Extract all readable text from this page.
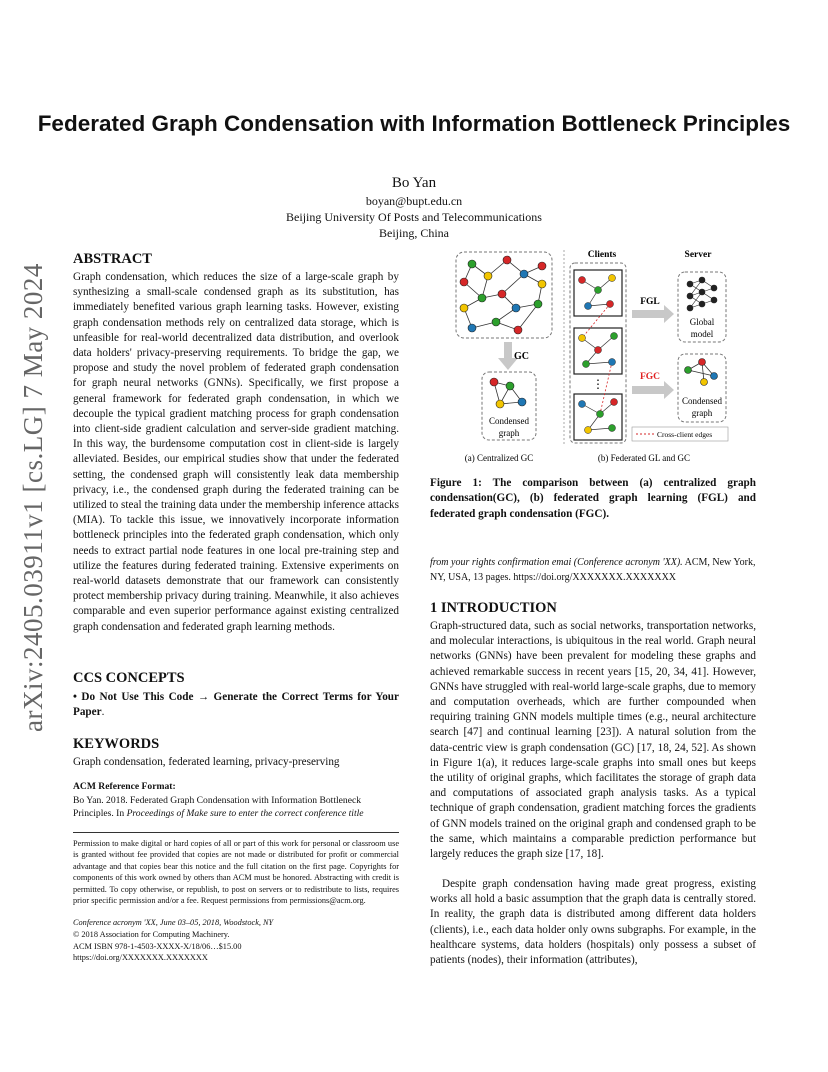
arXiv:2405.03911v1 [cs.LG] 7 May 2024
Federated Graph Condensation with Information Bottleneck Principles
Bo Yan
boyan@bupt.edu.cn
Beijing University Of Posts and Telecommunications
Beijing, China
ABSTRACT
Graph condensation, which reduces the size of a large-scale graph by synthesizing a small-scale condensed graph as its substitution, has immediately benefited various graph learning tasks. However, existing graph condensation methods rely on centralized data storage, which is unfeasible for real-world decentralized data distribution, and overlook data holders' privacy-preserving requirements. To bridge the gap, we propose and study the novel problem of federated graph condensation for graph neural networks (GNNs). Specifically, we first propose a general framework for federated graph condensation, in which we decouple the typical gradient matching process for graph condensation into client-side gradient calculation and server-side gradient matching. In this way, the burdensome computation cost in client-side is largely alleviated. Besides, our empirical studies show that under the federated setting, the condensed graph will consistently leak data membership privacy, i.e., the condensed graph during the federated training can be utilized to steal the training data under the membership inference attacks (MIA). To tackle this issue, we innovatively incorporate information bottleneck principles into the federated graph condensation, which only needs to extract partial node features in one local pre-training step and utilize the features during federated training. Extensive experiments on real-world datasets demonstrate that our framework can consistently protect membership privacy during training. Meanwhile, it also achieves comparable and even superior performance against existing centralized graph condensation and federated graph learning methods.
CCS CONCEPTS
• Do Not Use This Code → Generate the Correct Terms for Your Paper.
KEYWORDS
Graph condensation, federated learning, privacy-preserving
ACM Reference Format:
Bo Yan. 2018. Federated Graph Condensation with Information Bottleneck Principles. In Proceedings of Make sure to enter the correct conference title
Permission to make digital or hard copies of all or part of this work for personal or classroom use is granted without fee provided that copies are not made or distributed for profit or commercial advantage and that copies bear this notice and the full citation on the first page. Copyrights for components of this work owned by others than ACM must be honored. Abstracting with credit is permitted. To copy otherwise, or republish, to post on servers or to redistribute to lists, requires prior specific permission and/or a fee. Request permissions from permissions@acm.org.
Conference acronym 'XX, June 03–05, 2018, Woodstock, NY
© 2018 Association for Computing Machinery.
ACM ISBN 978-1-4503-XXXX-X/18/06…$15.00
https://doi.org/XXXXXXX.XXXXXXX
GC
Condensed
graph
(a) Centralized GC
Clients	Server
⋮
FGL
FGC
Global
model
Condensed
graph
Cross-client edges
(b) Federated GL and GC
Figure 1: The comparison between (a) centralized graph condensation(GC), (b) federated graph learning (FGL) and federated graph condensation (FGC).
from your rights confirmation emai (Conference acronym 'XX). ACM, New York, NY, USA, 13 pages. https://doi.org/XXXXXXX.XXXXXXX
1 INTRODUCTION
Graph-structured data, such as social networks, transportation networks, and molecular interactions, is ubiquitous in the real world. Graph neural networks (GNNs) have been prevalent for modeling these graphs and achieved remarkable success in recent years [15, 20, 34, 41]. However, GNNs have struggled with real-world large-scale graphs, due to memory and computation overheads, which are further compounded when requiring training GNN models multiple times (e.g., neural architecture search [47] and continual learning [23]). A natural solution from the data-centric view is graph condensation (GC) [17, 18, 24, 52]. As shown in Figure 1(a), it reduces large-scale graphs into small ones but keeps the utility of original graphs, which facilitates the storage of graph data and computations of associated graph analysis tasks. As a typical technique of graph condensation, gradient matching forces the gradients of GNN models trained on the original graph and condensed graph to be the same, which maintains a comparable prediction performance but largely reduces the graph size [17, 18].
Despite graph condensation having made great progress, existing works all hold a basic assumption that the graph data is centrally stored. In reality, the graph data is distributed among different data holders (clients), i.e., each data holder only owns subgraphs. For example, in the healthcare systems, data holders (hospitals) only possess a subset of patients (nodes), their information (attributes),
